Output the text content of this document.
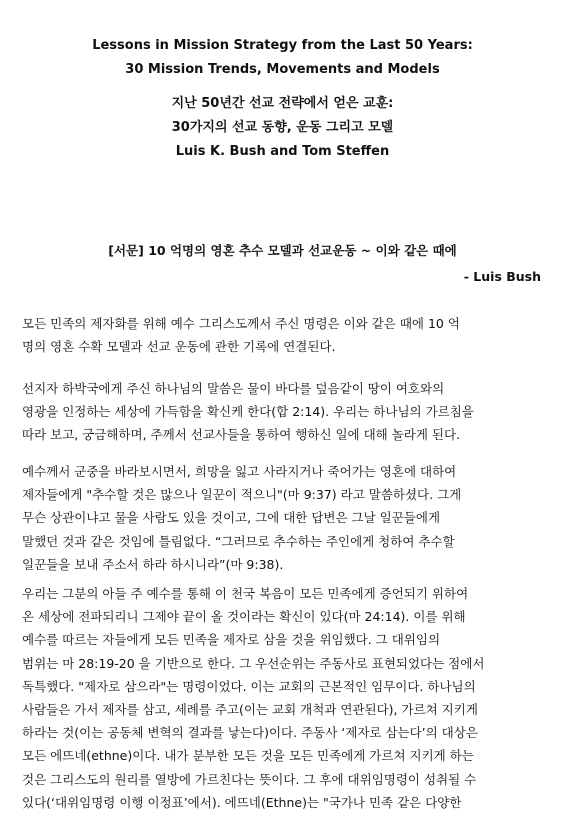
Lessons in Mission Strategy from the Last 50 Years:
30 Mission Trends, Movements and Models
지난 50년간 선교 전략에서 얻은 교훈:
30가지의 선교 동향, 운동 그리고 모델
Luis K. Bush and Tom Steffen
[서문] 10 억명의 영혼 추수 모델과 선교운동 ~ 이와 같은 때에
- Luis Bush
모든 민족의 제자화를 위해 예수 그리스도께서 주신 명령은 이와 같은 때에 10 억
명의 영혼 수확 모델과 선교 운동에 관한 기록에 연결된다.
선지자 하박국에게 주신 하나님의 말씀은 물이 바다를 덮음같이 땅이 여호와의
영광을 인정하는 세상에 가득함을 확신케 한다(합 2:14). 우리는 하나님의 가르침을
따라 보고, 궁금해하며, 주께서 선교사들을 통하여 행하신 일에 대해 놀라게 된다.
예수께서 군중을 바라보시면서, 희망을 잃고 사라지거나 죽어가는 영혼에 대하여
제자들에게 "추수할 것은 많으나 일꾼이 적으니"(마 9:37) 라고 말씀하셨다. 그게
무슨 상관이냐고 물을 사람도 있을 것이고, 그에 대한 답변은 그날 일꾼들에게
말했던 것과 같은 것임에 틀림없다. “그러므로 추수하는 주인에게 청하여 추수할
일꾼들을 보내 주소서 하라 하시니라”(마 9:38).
우리는 그분의 아들 주 예수를 통해 이 천국 복음이 모든 민족에게 증언되기 위하여
온 세상에 전파되리니 그제야 끝이 올 것이라는 확신이 있다(마 24:14). 이를 위해
예수를 따르는 자들에게 모든 민족을 제자로 삼을 것을 위임했다. 그 대위임의
범위는 마 28:19-20 을 기반으로 한다. 그 우선순위는 주동사로 표현되었다는 점에서
독특했다. "제자로 삼으라"는 명령이었다. 이는 교회의 근본적인 임무이다. 하나님의
사람들은 가서 제자를 삼고, 세례를 주고(이는 교회 개척과 연관된다), 가르쳐 지키게
하라는 것(이는 공동체 변혁의 결과를 낳는다)이다. 주동사 ‘제자로 삼는다’의 대상은
모든 에뜨네(ethne)이다. 내가 분부한 모든 것을 모든 민족에게 가르쳐 지키게 하는
것은 그리스도의 원리를 열방에 가르친다는 뜻이다. 그 후에 대위임명령이 성취될 수
있다(‘대위임명령 이행 이정표’에서). 에뜨네(Ethne)는 "국가나 민족 같은 다양한
